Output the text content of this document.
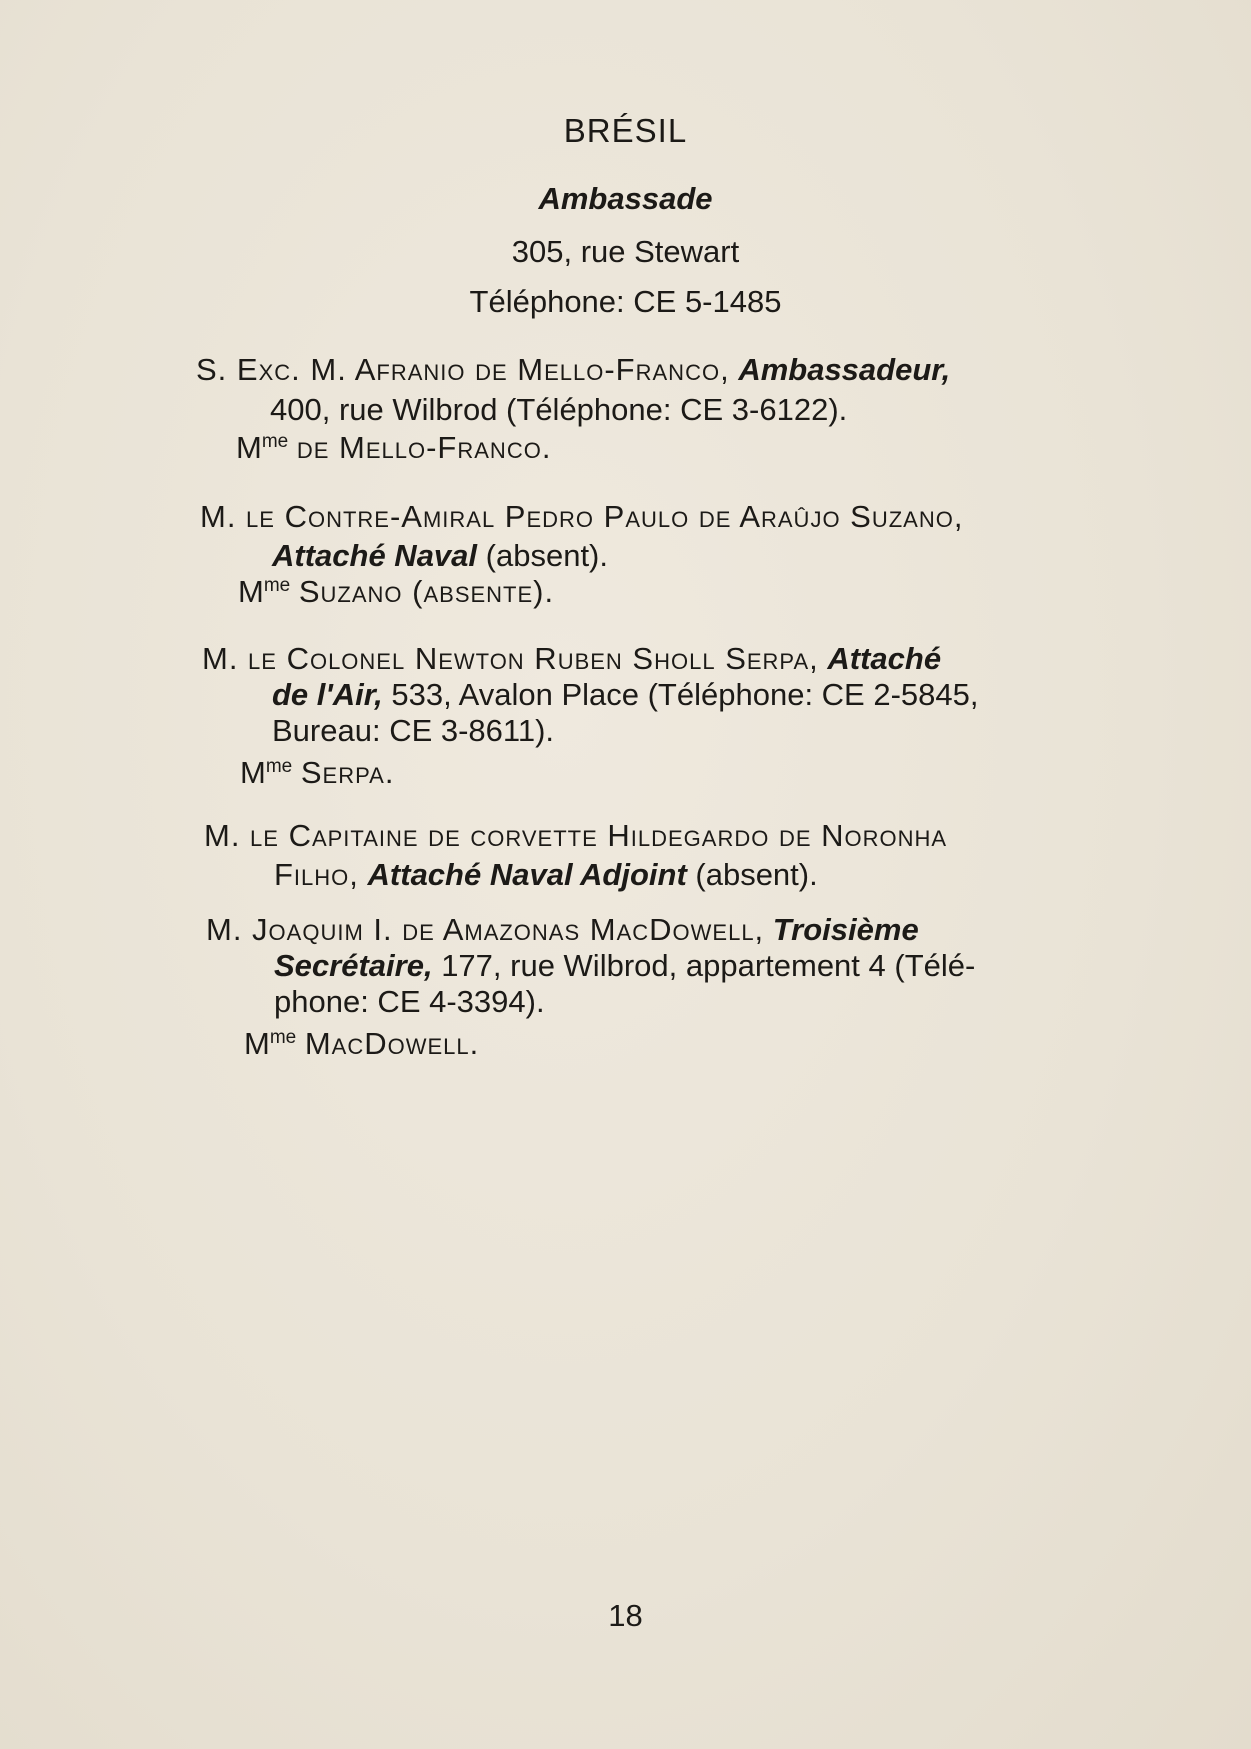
BRÉSIL
Ambassade
305, rue Stewart
Téléphone: CE 5-1485
S. Exc. M. Afranio de Mello-Franco, Ambassadeur,
400, rue Wilbrod (Téléphone: CE 3-6122).
$M^{me}$ de Mello-Franco.
M. le Contre-Amiral Pedro Paulo de Araûjo Suzano,
Attaché Naval (absent).
$M^{me}$ Suzano (absente).
M. le Colonel Newton Ruben Sholl Serpa, Attaché
de l'Air, 533, Avalon Place (Téléphone: CE 2-5845,
Bureau: CE 3-8611).
$M^{me}$ Serpa.
M. le Capitaine de corvette Hildegardo de Noronha
Filho, Attaché Naval Adjoint (absent).
M. Joaquim I. de Amazonas MacDowell, Troisième
Secrétaire, 177, rue Wilbrod, appartement 4 (Télé-
phone: CE 4-3394).
$M^{me}$ MacDowell.
18
